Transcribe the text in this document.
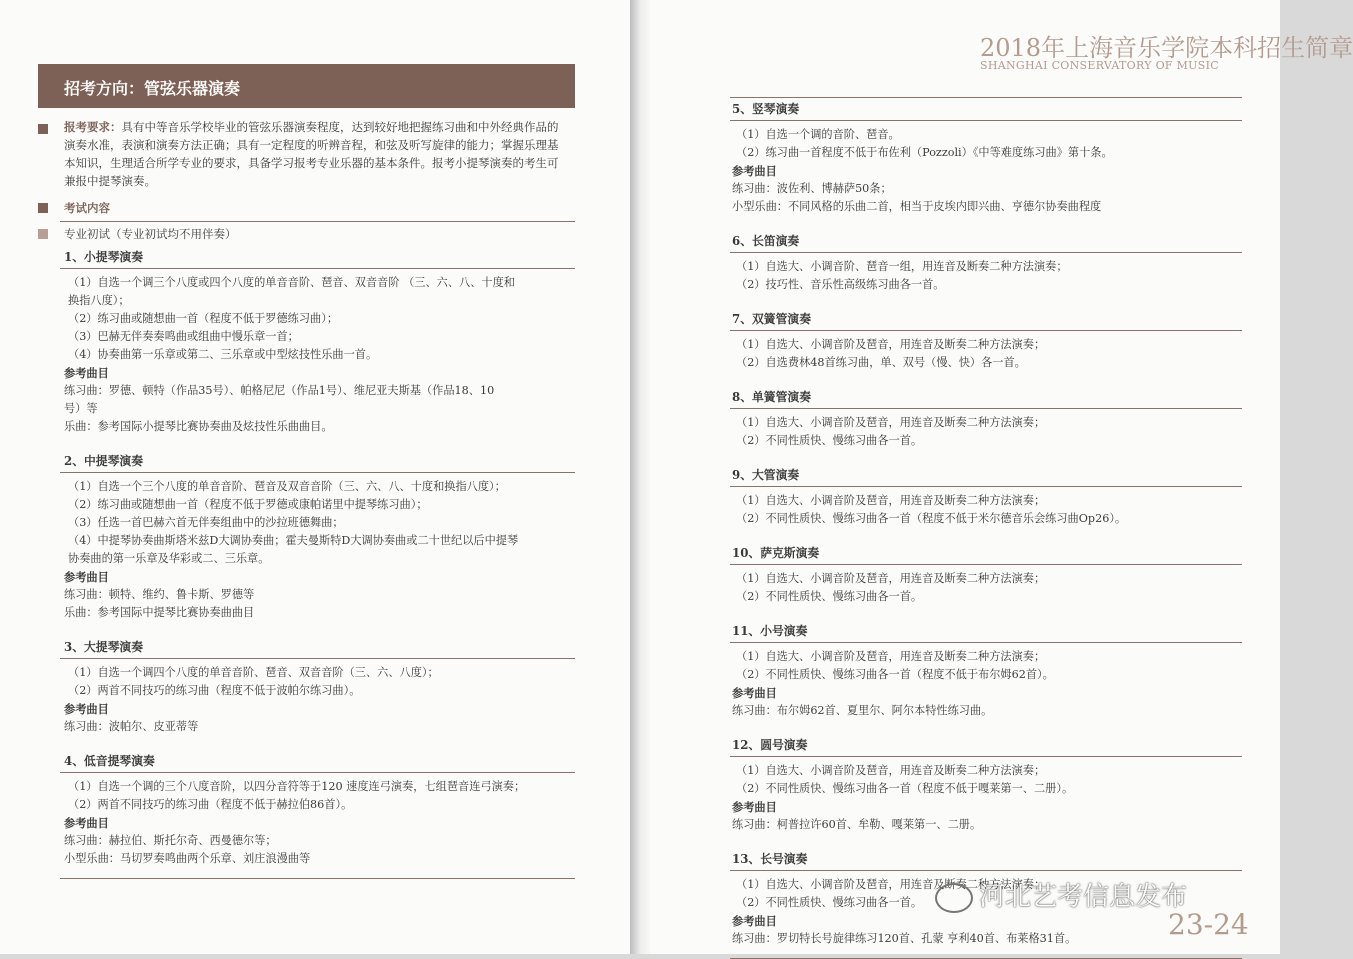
招考方向：管弦乐器演奏
报考要求：具有中等音乐学校毕业的管弦乐器演奏程度，达到较好地把握练习曲和中外经典作品的演奏水准，表演和演奏方法正确；具有一定程度的听辨音程，和弦及听写旋律的能力；掌握乐理基本知识，生理适合所学专业的要求，具备学习报考专业乐器的基本条件。报考小提琴演奏的考生可兼报中提琴演奏。
考试内容
专业初试（专业初试均不用伴奏）
1、小提琴演奏
（1）自选一个调三个八度或四个八度的单音音阶、琶音、双音音阶 （三、六、八、十度和
换指八度）；
（2）练习曲或随想曲一首（程度不低于罗德练习曲）；
（3）巴赫无伴奏奏鸣曲或组曲中慢乐章一首；
（4）协奏曲第一乐章或第二、三乐章或中型炫技性乐曲一首。
参考曲目
练习曲：罗德、顿特（作品35号）、帕格尼尼（作品1号）、维尼亚夫斯基（作品18、10
号）等
乐曲：参考国际小提琴比赛协奏曲及炫技性乐曲曲目。
2、中提琴演奏
（1）自选一个三个八度的单音音阶、琶音及双音音阶（三、六、八、十度和换指八度）；
（2）练习曲或随想曲一首（程度不低于罗德或康帕诺里中提琴练习曲）；
（3）任选一首巴赫六首无伴奏组曲中的沙拉班德舞曲；
（4）中提琴协奏曲斯塔米兹D大调协奏曲；霍夫曼斯特D大调协奏曲或二十世纪以后中提琴
协奏曲的第一乐章及华彩或二、三乐章。
参考曲目
练习曲：顿特、维约、鲁卡斯、罗德等
乐曲：参考国际中提琴比赛协奏曲曲目
3、大提琴演奏
（1）自选一个调四个八度的单音音阶、琶音、双音音阶（三、六、八度）；
（2）两首不同技巧的练习曲（程度不低于波帕尔练习曲）。
参考曲目
练习曲：波帕尔、皮亚蒂等
4、低音提琴演奏
（1）自选一个调的三个八度音阶，以四分音符等于120 速度连弓演奏，七组琶音连弓演奏；
（2）两首不同技巧的练习曲（程度不低于赫拉伯86首）。
参考曲目
练习曲：赫拉伯、斯托尔奇、西曼德尔等；
小型乐曲：马切罗奏鸣曲两个乐章、刘庄浪漫曲等
2018年上海音乐学院本科招生简章
SHANGHAI CONSERVATORY OF MUSIC
5、竖琴演奏
（1）自选一个调的音阶、琶音。
（2）练习曲一首程度不低于布佐利（Pozzoli）《中等难度练习曲》第十条。
参考曲目
练习曲：波佐利、博赫萨50条；
小型乐曲：不同风格的乐曲二首，相当于皮埃内即兴曲、亨德尔协奏曲程度
6、长笛演奏
（1）自选大、小调音阶、琶音一组，用连音及断奏二种方法演奏；
（2）技巧性、音乐性高级练习曲各一首。
7、双簧管演奏
（1）自选大、小调音阶及琶音，用连音及断奏二种方法演奏；
（2）自选费林48首练习曲，单、双号（慢、快）各一首。
8、单簧管演奏
（1）自选大、小调音阶及琶音，用连音及断奏二种方法演奏；
（2）不同性质快、慢练习曲各一首。
9、大管演奏
（1）自选大、小调音阶及琶音，用连音及断奏二种方法演奏；
（2）不同性质快、慢练习曲各一首（程度不低于米尔德音乐会练习曲Op26）。
10、萨克斯演奏
（1）自选大、小调音阶及琶音，用连音及断奏二种方法演奏；
（2）不同性质快、慢练习曲各一首。
11、小号演奏
（1）自选大、小调音阶及琶音，用连音及断奏二种方法演奏；
（2）不同性质快、慢练习曲各一首（程度不低于布尔姆62首）。
参考曲目
练习曲：布尔姆62首、夏里尔、阿尔本特性练习曲。
12、圆号演奏
（1）自选大、小调音阶及琶音，用连音及断奏二种方法演奏；
（2）不同性质快、慢练习曲各一首（程度不低于嘎莱第一、二册）。
参考曲目
练习曲：柯普拉许60首、牟勒、嘎莱第一、二册。
13、长号演奏
（1）自选大、小调音阶及琶音，用连音及断奏二种方法演奏；
（2）不同性质快、慢练习曲各一首。
参考曲目
练习曲：罗切特长号旋律练习120首、孔蒙 亨利40首、布莱格31首。
河北艺考信息发布
23-24
